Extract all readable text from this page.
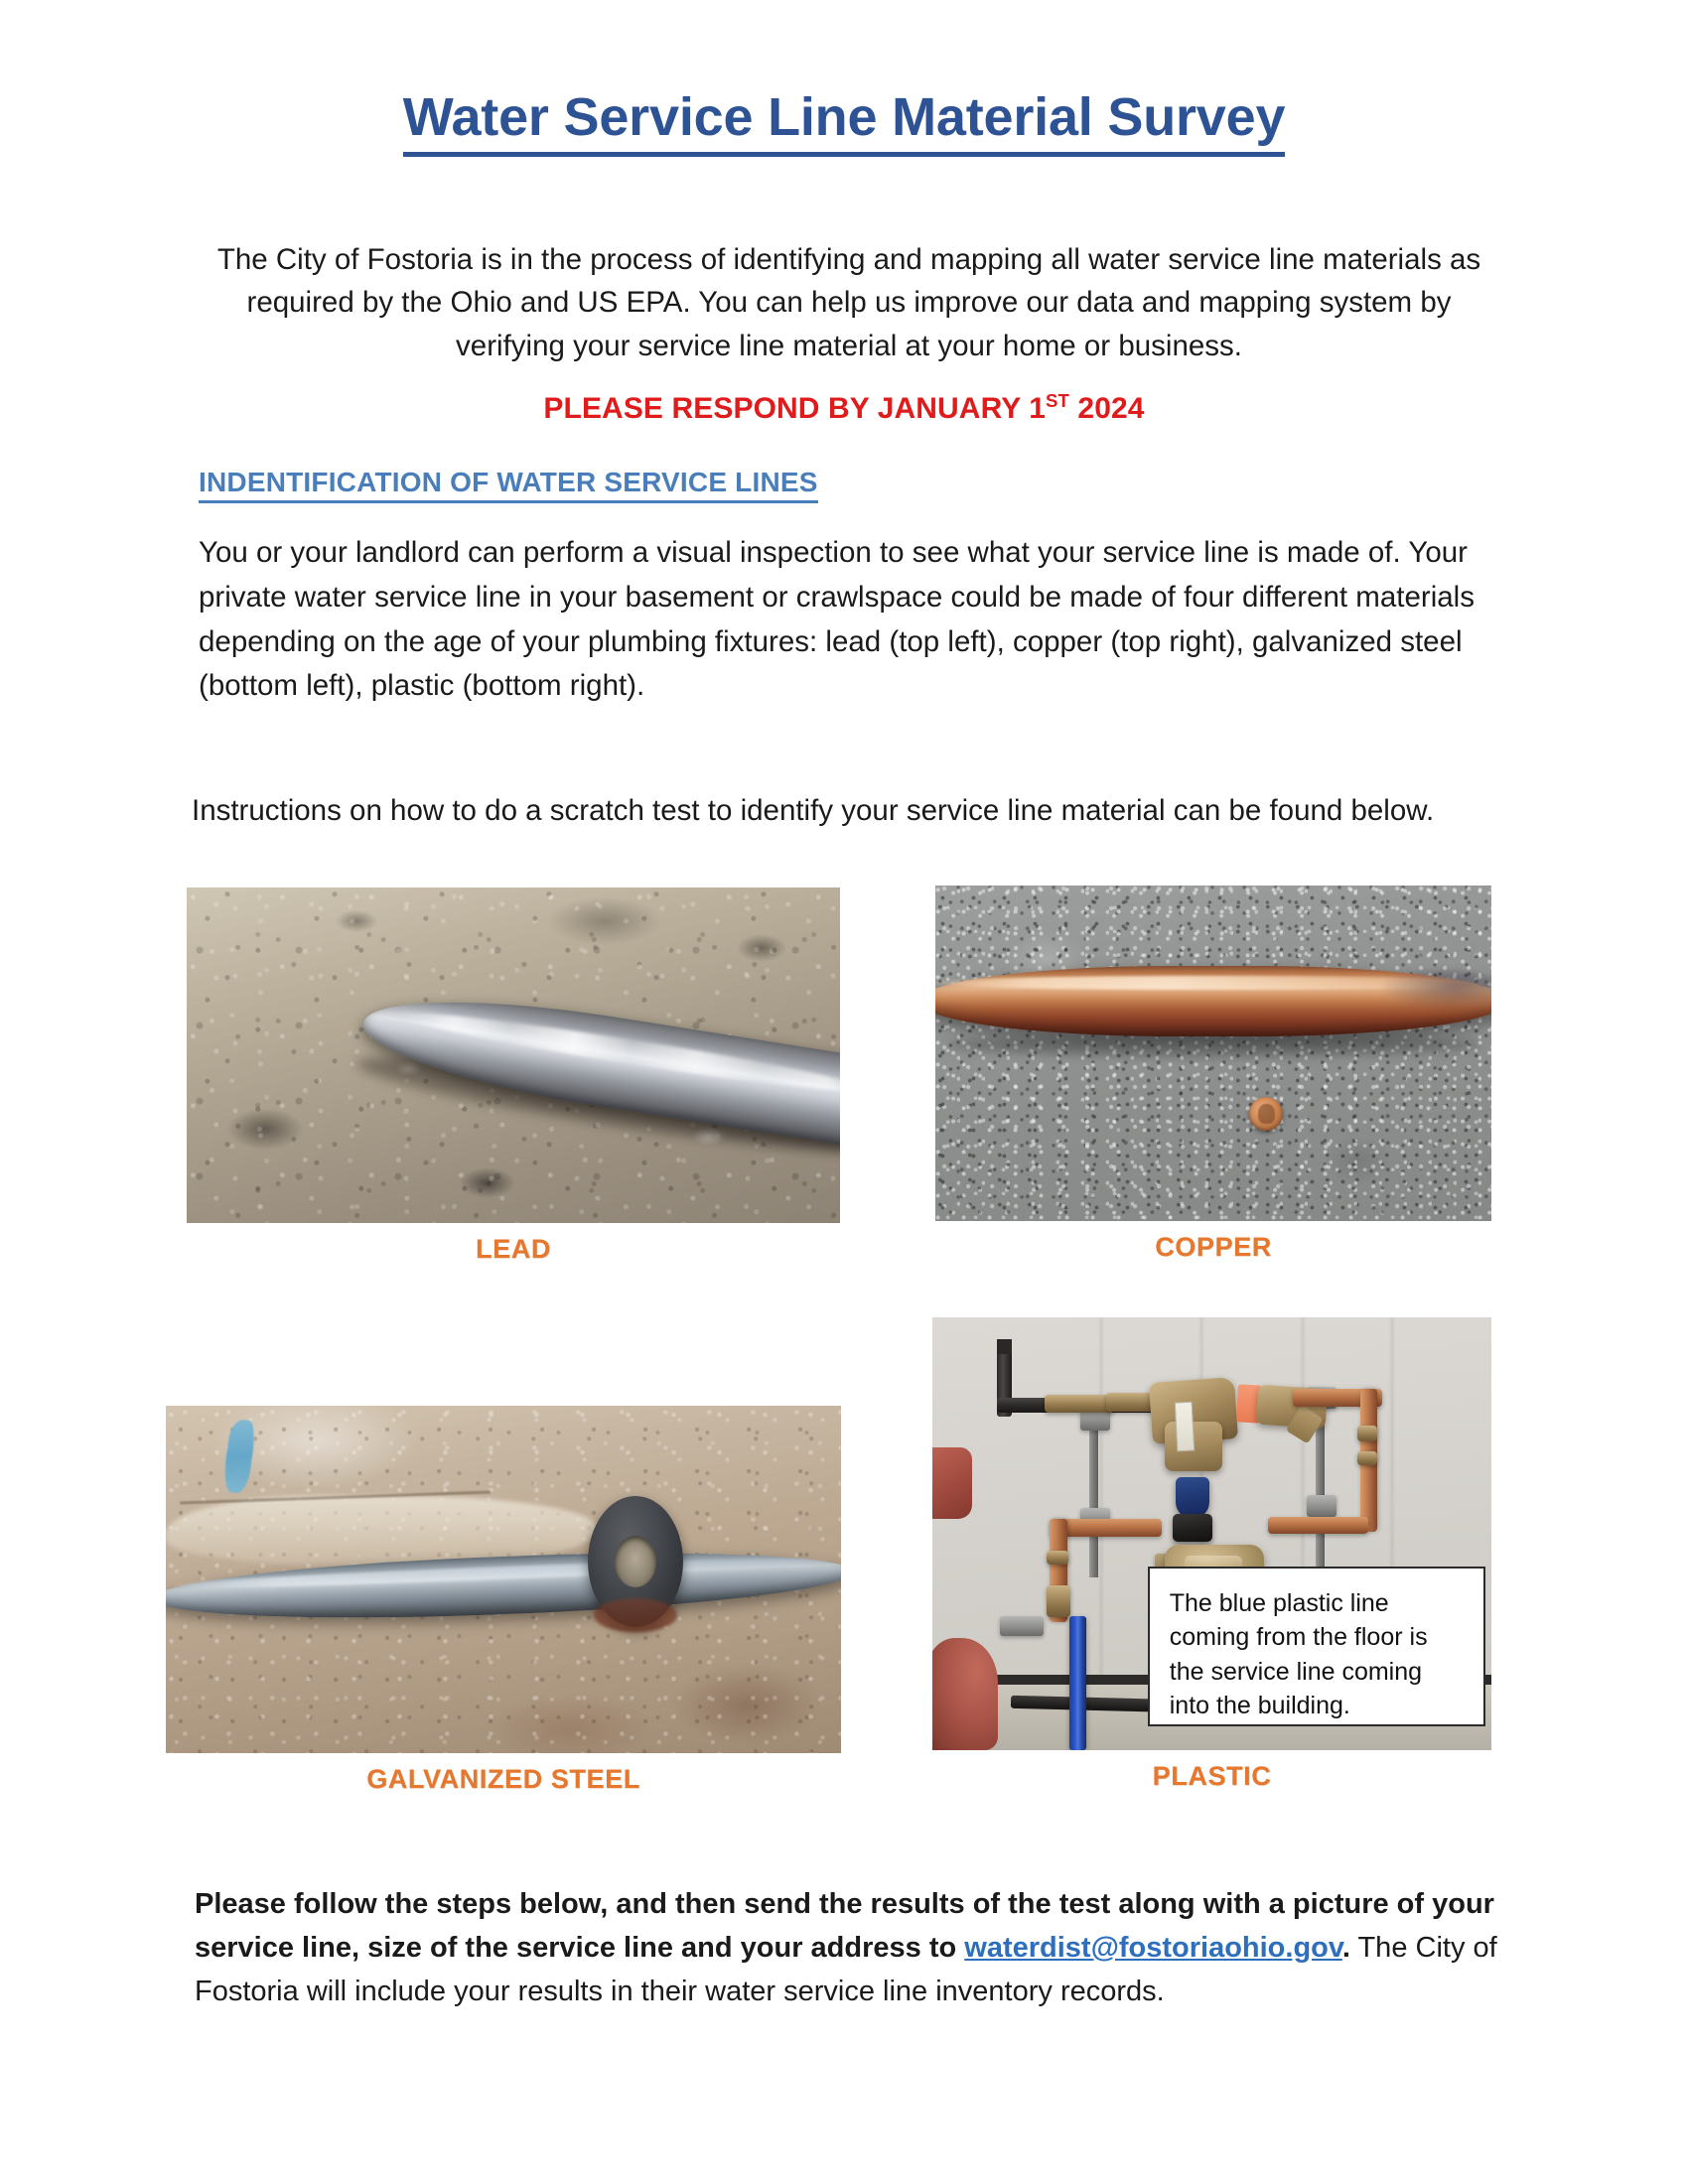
Water Service Line Material Survey
The City of Fostoria is in the process of identifying and mapping all water service line materials as required by the Ohio and US EPA. You can help us improve our data and mapping system by verifying your service line material at your home or business.
PLEASE RESPOND BY JANUARY 1ST 2024
INDENTIFICATION OF WATER SERVICE LINES
You or your landlord can perform a visual inspection to see what your service line is made of. Your private water service line in your basement or crawlspace could be made of four different materials depending on the age of your plumbing fixtures: lead (top left), copper (top right), galvanized steel (bottom left), plastic (bottom right).
Instructions on how to do a scratch test to identify your service line material can be found below.
LEAD	COPPER
GALVANIZED STEEL
The blue plastic line coming from the floor is the service line coming into the building.
PLASTIC
Please follow the steps below, and then send the results of the test along with a picture of your service line, size of the service line and your address to waterdist@fostoriaohio.gov. The City of Fostoria will include your results in their water service line inventory records.
